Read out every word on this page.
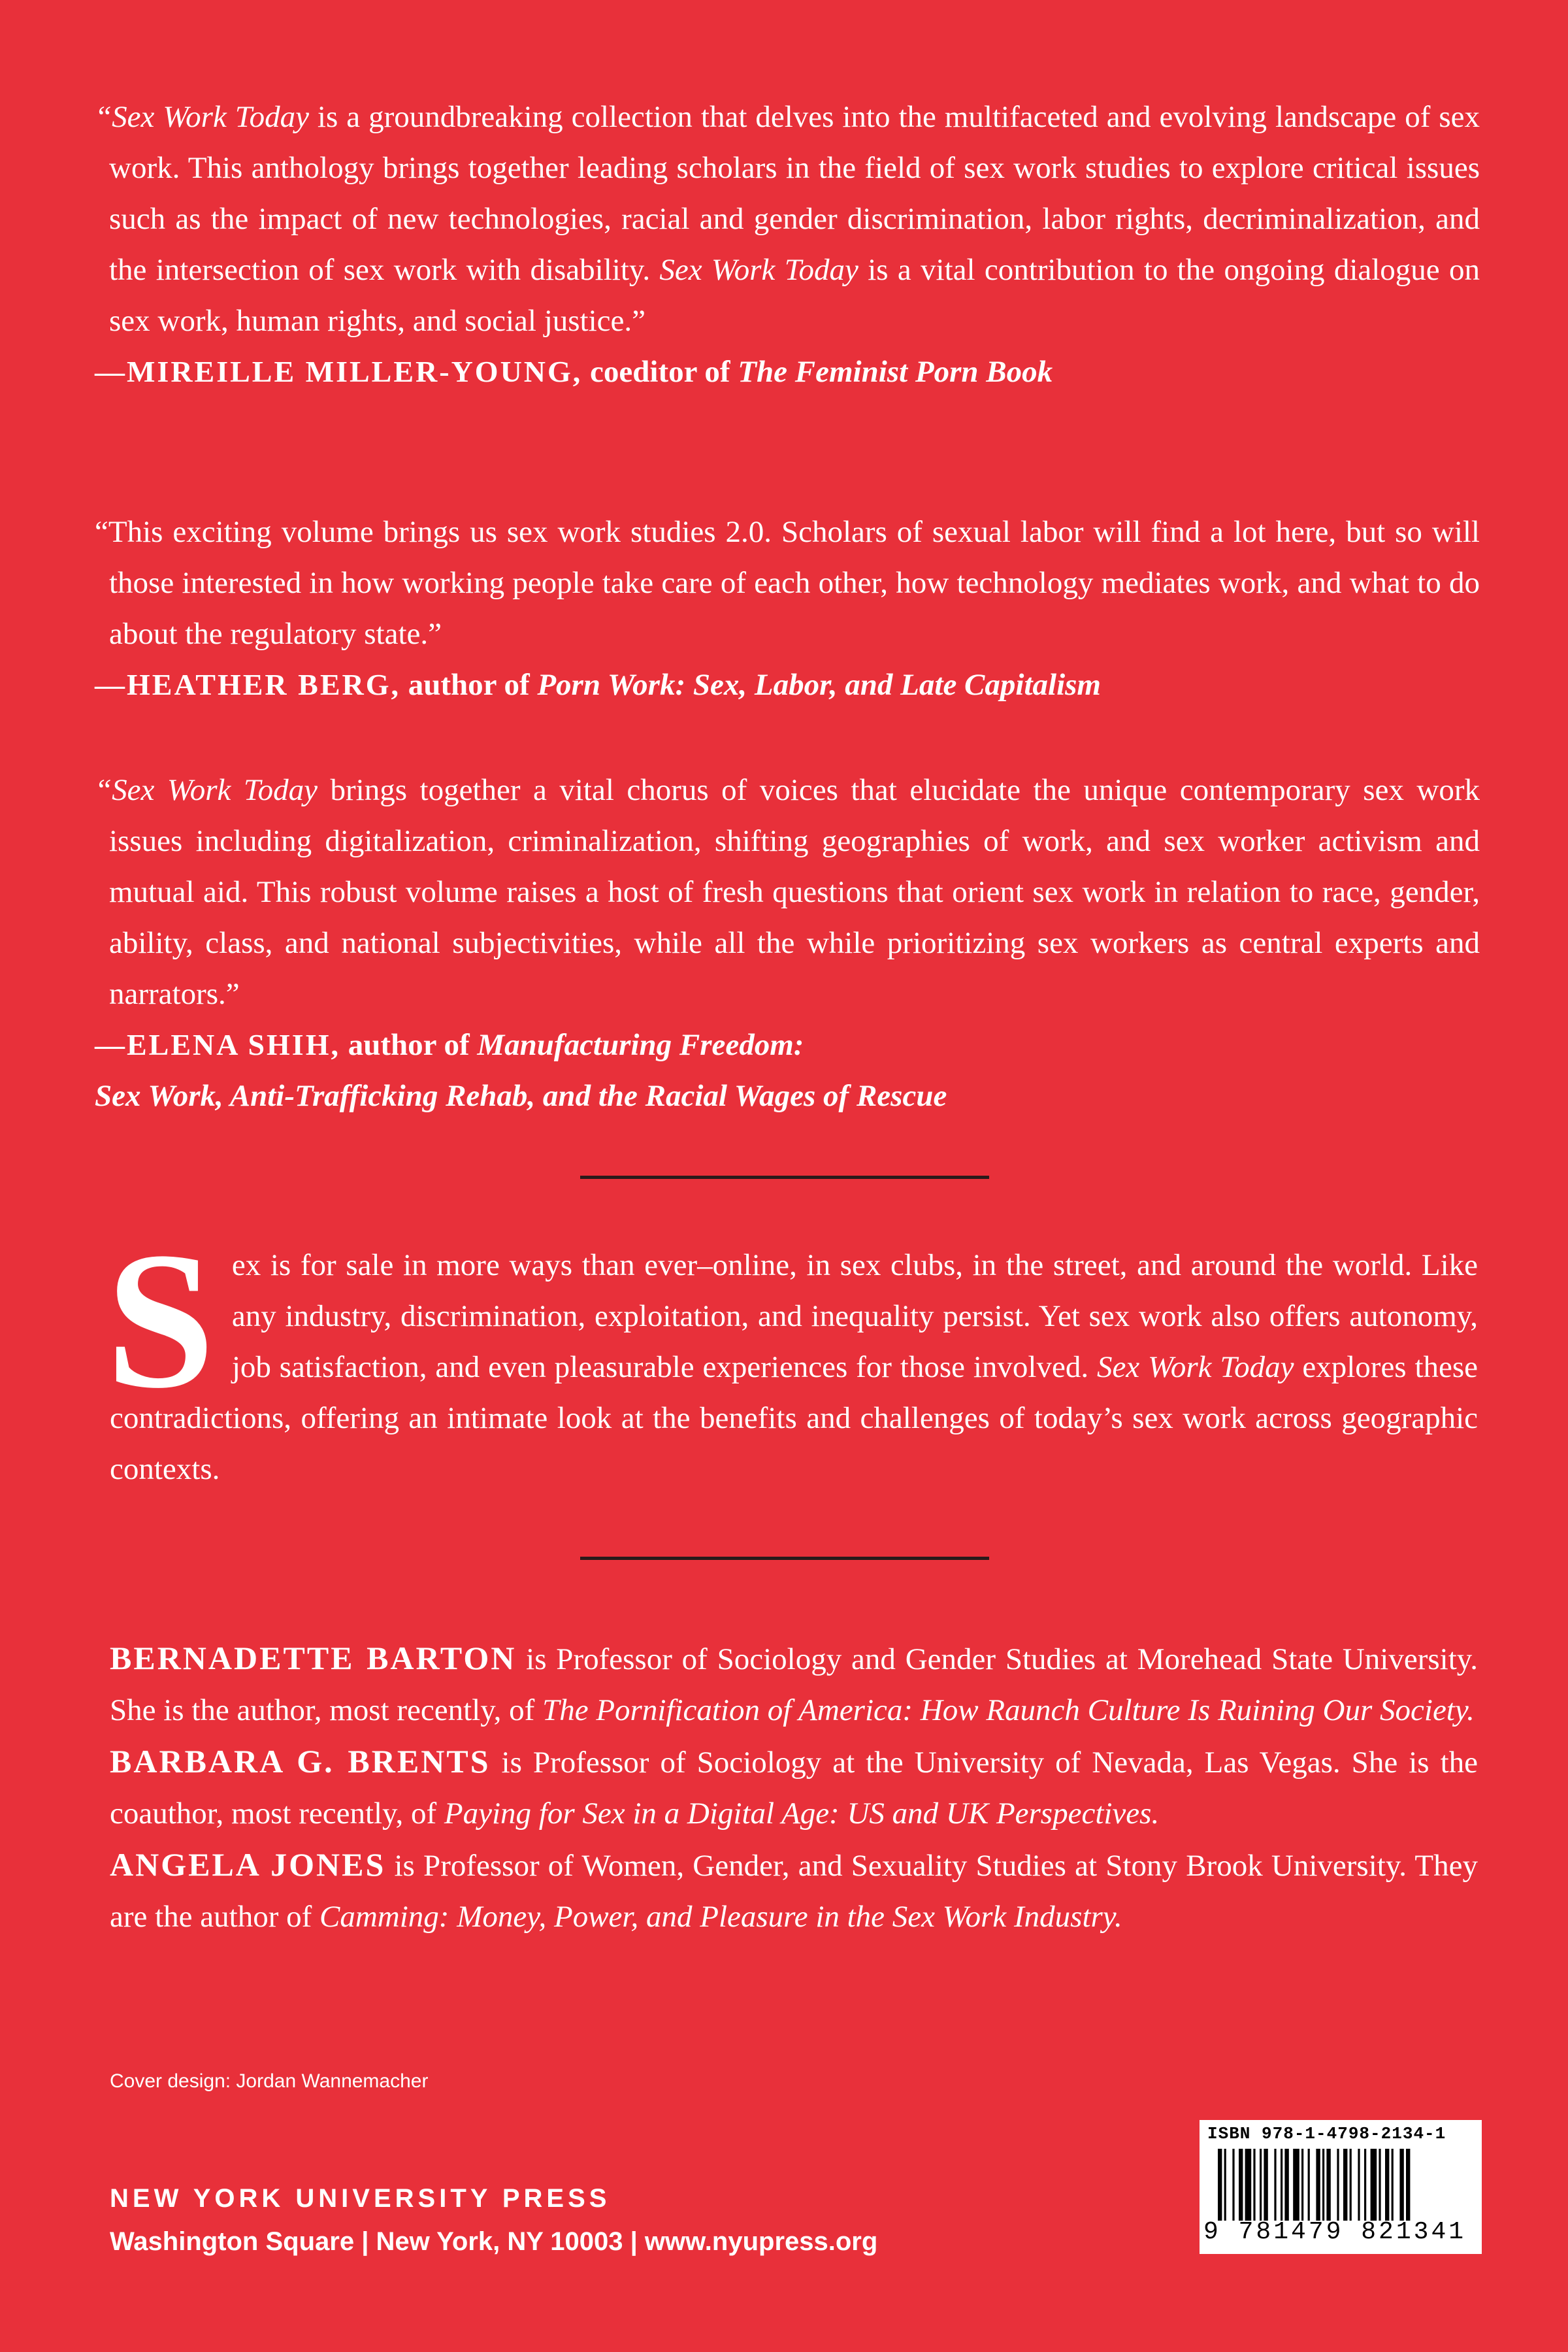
“Sex Work Today is a groundbreaking collection that delves into the multifaceted and evolving landscape of sex work. This anthology brings together leading scholars in the field of sex work studies to explore critical issues such as the impact of new technologies, racial and gender discrimination, labor rights, decriminalization, and the intersection of sex work with disability. Sex Work Today is a vital contribution to the ongoing dialogue on sex work, human rights, and social justice.”

—MIREILLE MILLER-YOUNG, coeditor of The Feminist Porn Book

“This exciting volume brings us sex work studies 2.0. Scholars of sexual labor will find a lot here, but so will those interested in how working people take care of each other, how technology mediates work, and what to do about the regulatory state.”

—HEATHER BERG, author of Porn Work: Sex, Labor, and Late Capitalism

“Sex Work Today brings together a vital chorus of voices that elucidate the unique contemporary sex work issues including digitalization, criminalization, shifting geographies of work, and sex worker activism and mutual aid. This robust volume raises a host of fresh questions that orient sex work in relation to race, gender, ability, class, and national subjectivities, while all the while prioritizing sex workers as central experts and narrators.”

—ELENA SHIH, author of Manufacturing Freedom:
Sex Work, Anti-Trafficking Rehab, and the Racial Wages of Rescue
Sex is for sale in more ways than ever–online, in sex clubs, in the street, and around the world. Like any industry, discrimination, exploitation, and inequality persist. Yet sex work also offers autonomy, job satisfaction, and even pleasurable experiences for those involved. Sex Work Today explores these contradictions, offering an intimate look at the benefits and challenges of today’s sex work across geographic contexts.

BERNADETTE BARTON is Professor of Sociology and Gender Studies at Morehead State University. She is the author, most recently, of The Pornification of America: How Raunch Culture Is Ruining Our Society.

BARBARA G. BRENTS is Professor of Sociology at the University of Nevada, Las Vegas. She is the coauthor, most recently, of Paying for Sex in a Digital Age: US and UK Perspectives.

ANGELA JONES is Professor of Women, Gender, and Sexuality Studies at Stony Brook University. They are the author of Camming: Money, Power, and Pleasure in the Sex Work Industry.

Cover design: Jordan Wannemacher
NEW YORK UNIVERSITY PRESS
Washington Square | New York, NY 10003 | www.nyupress.org
ISBN 978-1-4798-2134-1
9 781479 821341
